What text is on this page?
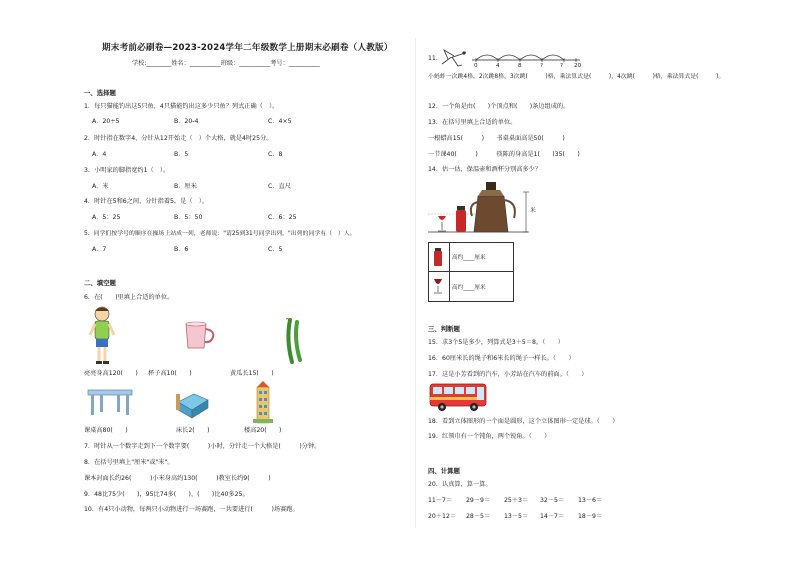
期末考前必刷卷—2023-2024学年二年级数学上册期末必刷卷（人教版）
学校:________姓名：__________班级：__________考号：__________
一、选择题
1．每只猫能钓出这5只鱼，4只猫能钓出这多少只鱼？列式正确（　）。
A．20÷5	B．20-4	C．4×5
2．时针指在数字4，分针从12开始走（　）个大格，就是4时25分。
A．4	B．5	C．8
3．小明家的脚指宽约1（　）。
A．米	B．厘米	C．直尺
4．时针在5和6之间，分针指着5，是（　）。
A．5：25	B．5：50	C．6：25
5．同学们按学号的顺序在操场上站成一列，老师说："请25到31号同学出列，"出列的同学有（　）人。
A．7	B．6	C．5
二、填空题
6．在(　　)里填上合适的单位。
亮亮身高120(　　) 杯子高10(　　)	黄瓜长15(　　)
课桌高80(　　)	床长2(　　)	楼高20(　　)
7．时针从一个数字走到下一个数字要(　　　)小时，分针走一个大格是(　　　)分钟。
8．在括号里填上"厘米"或"米"。
课本封面长约26(　　　)小米身高约130(　　　)教室长约9(　　　)
9．48比75少(　　)，95比74多(　　)，(　　)比40多25。
10．有4只小动物，每两只小动物进行一场赛跑，一共要进行(　　　)场赛跑。
11．
0	4	8	?	? 20
小蚂蚱一次跳4格，2次跳8格，3次跳(　　　)格，乘法算式是(　　　)，4次跳(　　　)格，乘法算式是(　　　)。
12．一个角是由(　　)个顶点和(　　)条边组成的。
13．在括号里填上合适的单位。
一根蜡高15(　　　)　　书桌桌面高是50(　　　)
一节课40(　　　)　　　筷陈的身高是1(　　)35(　　)
14．估一估，保温壶和酒杯分别高多少？
米
高约____厘米
高约____厘米
三、判断题
15．求3个5是多少，列算式是3＋5＝8。（　　）
16．60厘米长的绳子和6米长的绳子一样长。（　　）
17．这是小芳看到的汽车，小芳站在汽车的前面。（　　）
18．看到立体图形的一个面是圆形，这个立体图形一定是球。（　　）
19．红领巾有一个钝角，两个锐角。（　　）
四、计算题
20．认真算，算一算。
11－7＝ 29－9＝ 25＋3＝ 32－5＝ 13－6＝
20＋12＝ 28－5＝ 13－5＝ 14－7＝ 18－9＝
